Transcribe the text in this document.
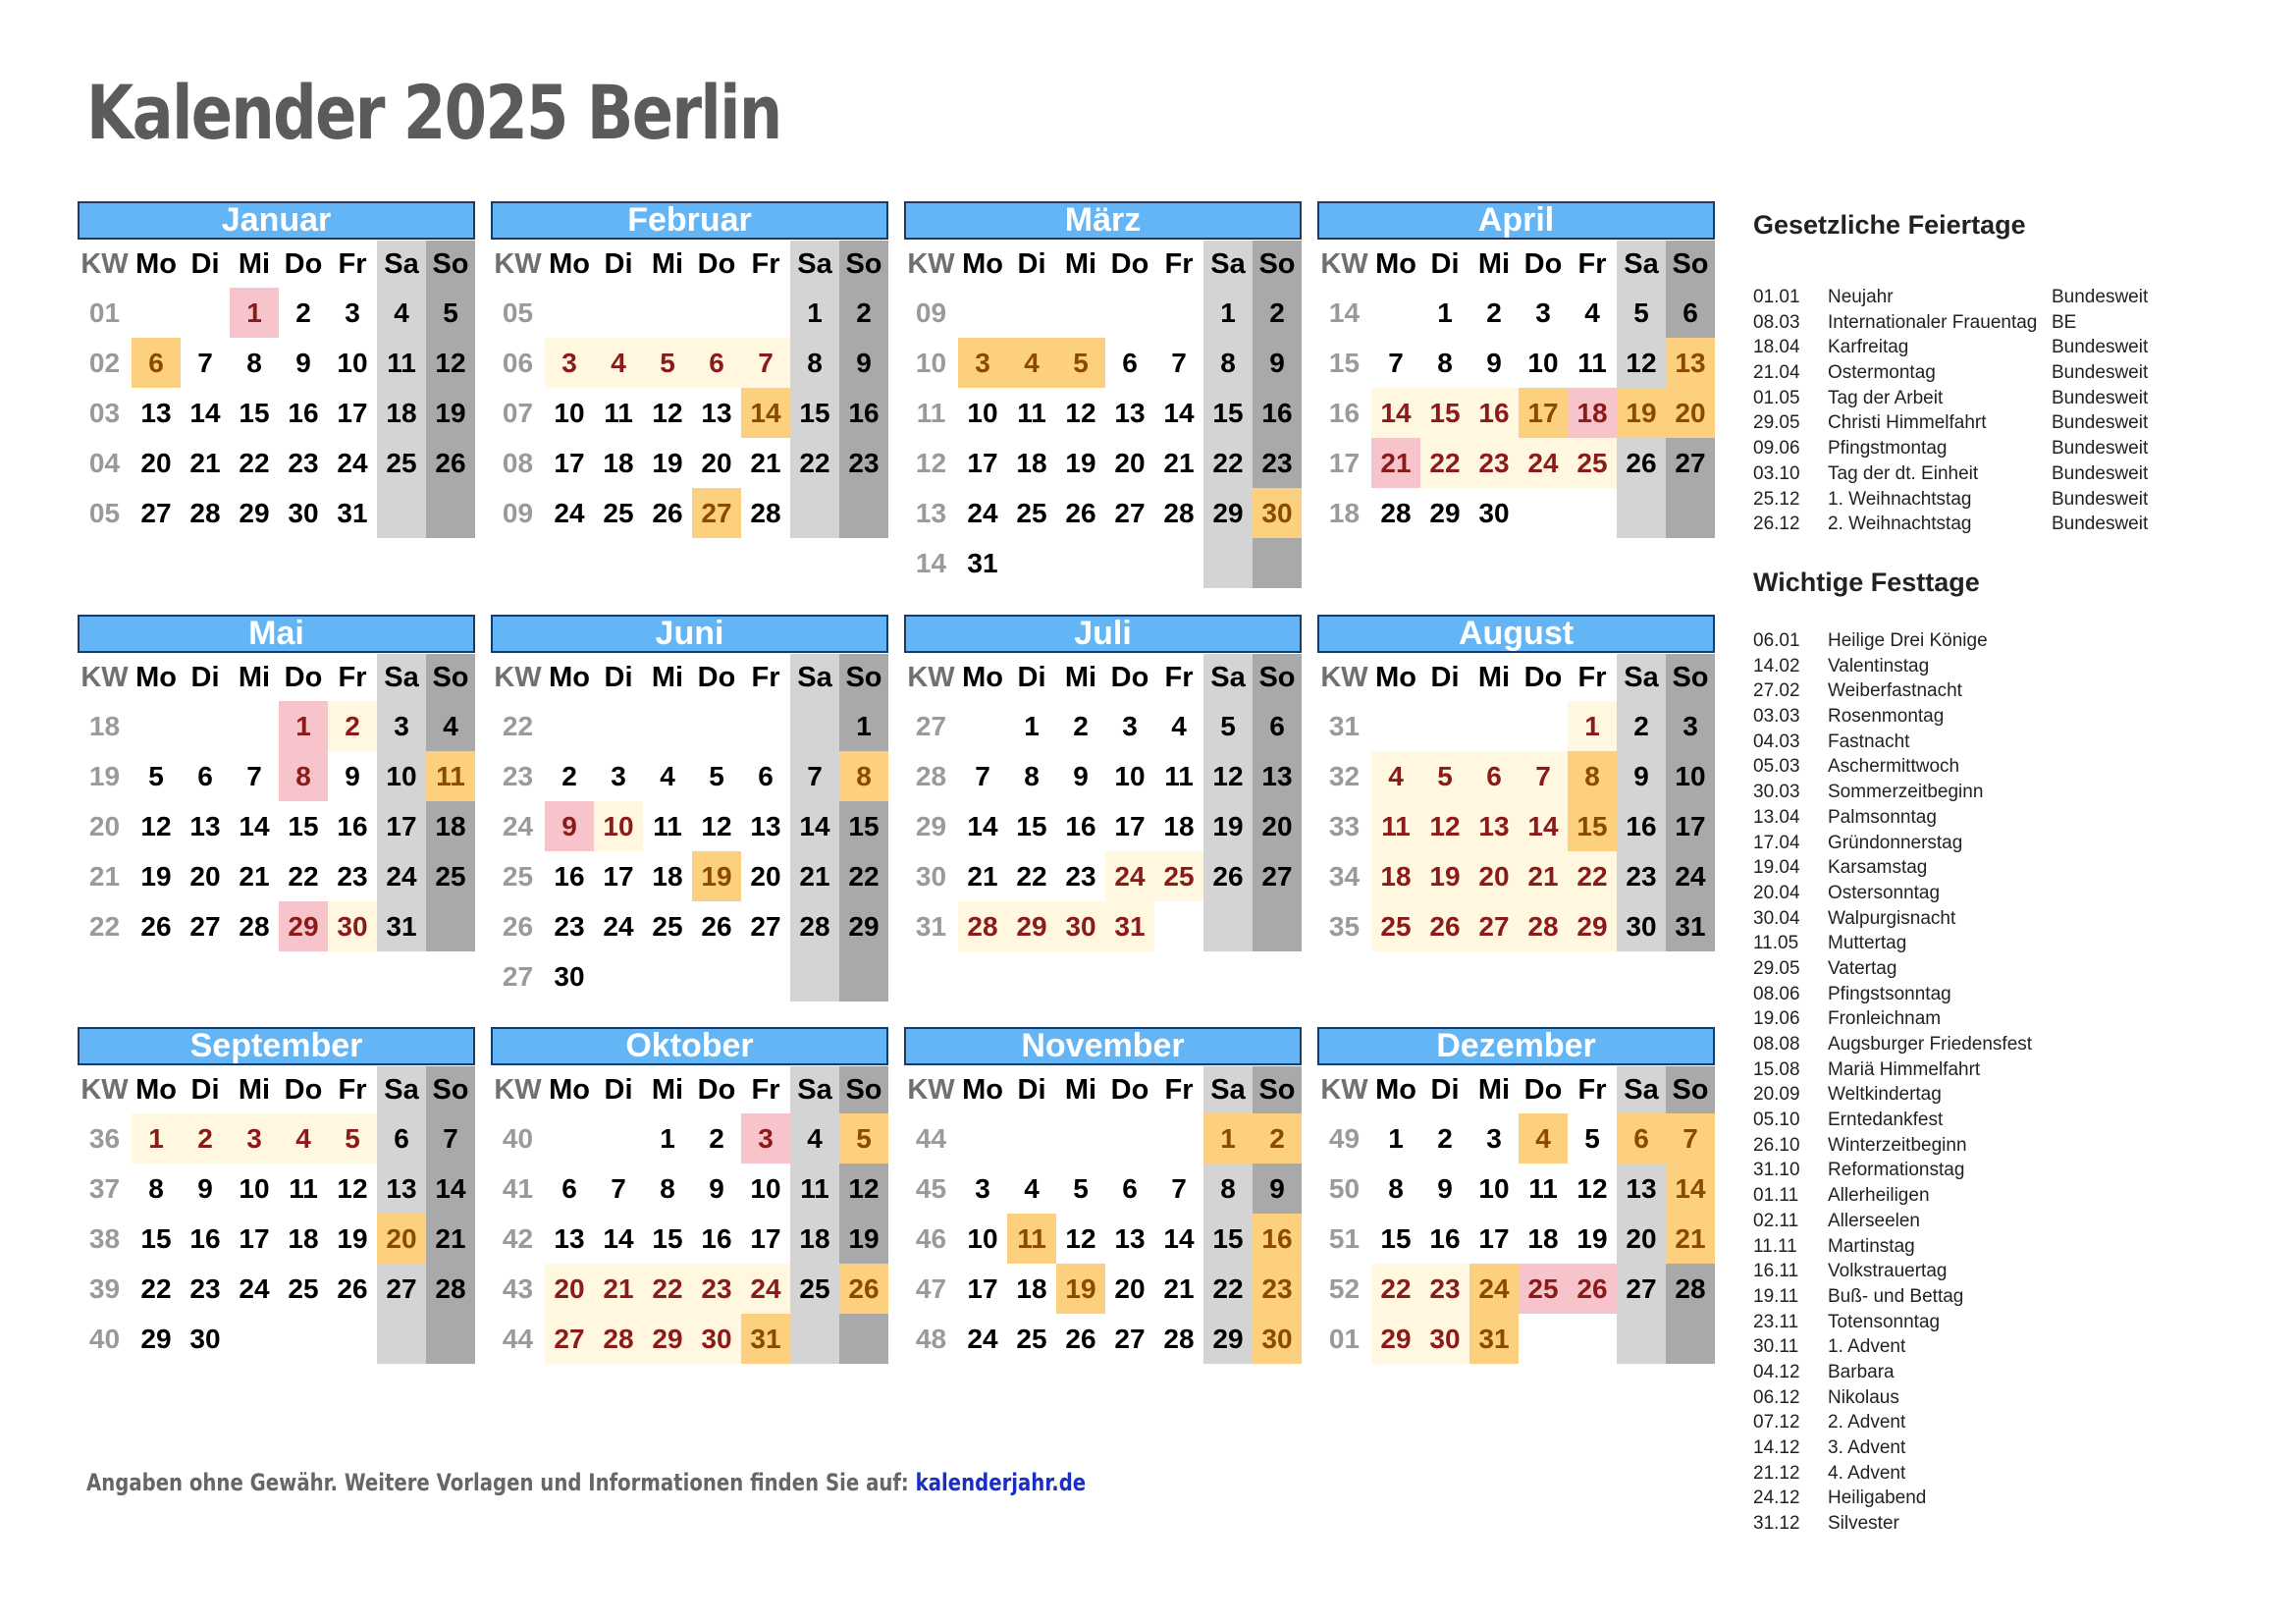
Kalender 2025 Berlin
Januar
KW	Mo	Di	Mi	Do	Fr	Sa	So
01			1	2	3	4	5
02	6	7	8	9	10	11	12
03	13	14	15	16	17	18	19
04	20	21	22	23	24	25	26
05	27	28	29	30	31		
Februar
KW	Mo	Di	Mi	Do	Fr	Sa	So
05						1	2
06	3	4	5	6	7	8	9
07	10	11	12	13	14	15	16
08	17	18	19	20	21	22	23
09	24	25	26	27	28		
März
KW	Mo	Di	Mi	Do	Fr	Sa	So
09						1	2
10	3	4	5	6	7	8	9
11	10	11	12	13	14	15	16
12	17	18	19	20	21	22	23
13	24	25	26	27	28	29	30
14	31						
April
KW	Mo	Di	Mi	Do	Fr	Sa	So
14		1	2	3	4	5	6
15	7	8	9	10	11	12	13
16	14	15	16	17	18	19	20
17	21	22	23	24	25	26	27
18	28	29	30				
Mai
KW	Mo	Di	Mi	Do	Fr	Sa	So
18				1	2	3	4
19	5	6	7	8	9	10	11
20	12	13	14	15	16	17	18
21	19	20	21	22	23	24	25
22	26	27	28	29	30	31	
Juni
KW	Mo	Di	Mi	Do	Fr	Sa	So
22							1
23	2	3	4	5	6	7	8
24	9	10	11	12	13	14	15
25	16	17	18	19	20	21	22
26	23	24	25	26	27	28	29
27	30						
Juli
KW	Mo	Di	Mi	Do	Fr	Sa	So
27		1	2	3	4	5	6
28	7	8	9	10	11	12	13
29	14	15	16	17	18	19	20
30	21	22	23	24	25	26	27
31	28	29	30	31			
August
KW	Mo	Di	Mi	Do	Fr	Sa	So
31					1	2	3
32	4	5	6	7	8	9	10
33	11	12	13	14	15	16	17
34	18	19	20	21	22	23	24
35	25	26	27	28	29	30	31
September
KW	Mo	Di	Mi	Do	Fr	Sa	So
36	1	2	3	4	5	6	7
37	8	9	10	11	12	13	14
38	15	16	17	18	19	20	21
39	22	23	24	25	26	27	28
40	29	30					
Oktober
KW	Mo	Di	Mi	Do	Fr	Sa	So
40			1	2	3	4	5
41	6	7	8	9	10	11	12
42	13	14	15	16	17	18	19
43	20	21	22	23	24	25	26
44	27	28	29	30	31		
November
KW	Mo	Di	Mi	Do	Fr	Sa	So
44						1	2
45	3	4	5	6	7	8	9
46	10	11	12	13	14	15	16
47	17	18	19	20	21	22	23
48	24	25	26	27	28	29	30
Dezember
KW	Mo	Di	Mi	Do	Fr	Sa	So
49	1	2	3	4	5	6	7
50	8	9	10	11	12	13	14
51	15	16	17	18	19	20	21
52	22	23	24	25	26	27	28
01	29	30	31				
Angaben ohne Gewähr. Weitere Vorlagen und Informationen finden Sie auf: kalenderjahr.de
Gesetzliche Feiertage
01.01 Neujahr	Bundesweit
08.03 Internationaler Frauentag BE
18.04 Karfreitag	Bundesweit
21.04 Ostermontag	Bundesweit
01.05 Tag der Arbeit	Bundesweit
29.05 Christi Himmelfahrt	Bundesweit
09.06 Pfingstmontag	Bundesweit
03.10 Tag der dt. Einheit	Bundesweit
25.12 1. Weihnachtstag	Bundesweit
26.12 2. Weihnachtstag	Bundesweit
Wichtige Festtage
06.01 Heilige Drei Könige
14.02 Valentinstag
27.02 Weiberfastnacht
03.03 Rosenmontag
04.03 Fastnacht
05.03 Aschermittwoch
30.03 Sommerzeitbeginn
13.04 Palmsonntag
17.04 Gründonnerstag
19.04 Karsamstag
20.04 Ostersonntag
30.04 Walpurgisnacht
11.05 Muttertag
29.05 Vatertag
08.06 Pfingstsonntag
19.06 Fronleichnam
08.08 Augsburger Friedensfest
15.08 Mariä Himmelfahrt
20.09 Weltkindertag
05.10 Erntedankfest
26.10 Winterzeitbeginn
31.10 Reformationstag
01.11 Allerheiligen
02.11 Allerseelen
11.11 Martinstag
16.11 Volkstrauertag
19.11 Buß- und Bettag
23.11 Totensonntag
30.11 1. Advent
04.12 Barbara
06.12 Nikolaus
07.12 2. Advent
14.12 3. Advent
21.12 4. Advent
24.12 Heiligabend
31.12 Silvester
